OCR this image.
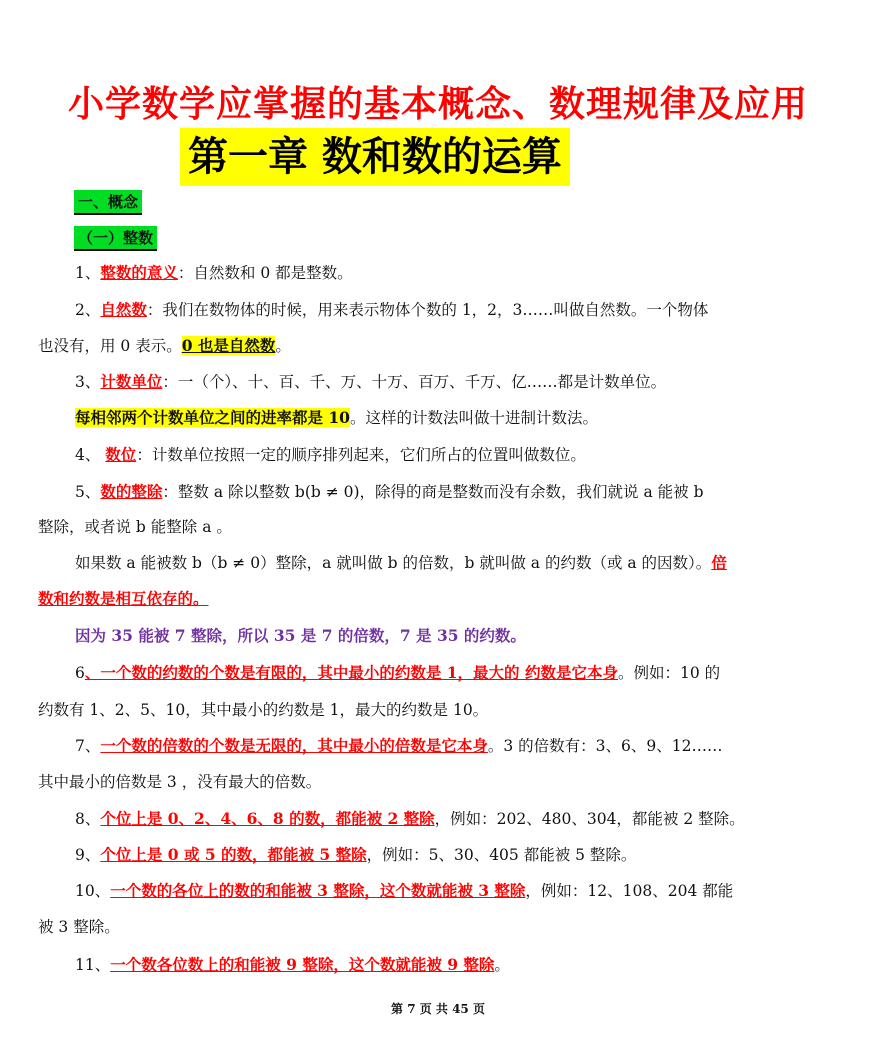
小学数学应掌握的基本概念、数理规律及应用
第一章 数和数的运算
一、概念
（一）整数
1、整数的意义：自然数和 0 都是整数。
2、自然数：我们在数物体的时候，用来表示物体个数的 1，2，3……叫做自然数。一个物体
也没有，用 0 表示。0 也是自然数。
3、计数单位：一（个）、十、百、千、万、十万、百万、千万、亿……都是计数单位。
每相邻两个计数单位之间的进率都是 10。这样的计数法叫做十进制计数法。
4、 数位：计数单位按照一定的顺序排列起来，它们所占的位置叫做数位。
5、数的整除：整数 a 除以整数 b(b ≠ 0)，除得的商是整数而没有余数，我们就说 a 能被 b
整除，或者说 b 能整除 a 。
如果数 a 能被数 b（b ≠ 0）整除，a 就叫做 b 的倍数，b 就叫做 a 的约数（或 a 的因数）。倍
数和约数是相互依存的。
因为 35 能被 7 整除，所以 35 是 7 的倍数，7 是 35 的约数。
6、一个数的约数的个数是有限的，其中最小的约数是 1，最大的 约数是它本身。例如：10 的
约数有 1、2、5、10，其中最小的约数是 1，最大的约数是 10。
7、一个数的倍数的个数是无限的，其中最小的倍数是它本身。3 的倍数有：3、6、9、12……
其中最小的倍数是 3 ，没有最大的倍数。
8、个位上是 0、2、4、6、8 的数，都能被 2 整除，例如：202、480、304，都能被 2 整除。
9、个位上是 0 或 5 的数，都能被 5 整除，例如：5、30、405 都能被 5 整除。
10、一个数的各位上的数的和能被 3 整除，这个数就能被 3 整除，例如：12、108、204 都能
被 3 整除。
11、一个数各位数上的和能被 9 整除，这个数就能被 9 整除。
第 7 页 共 45 页
